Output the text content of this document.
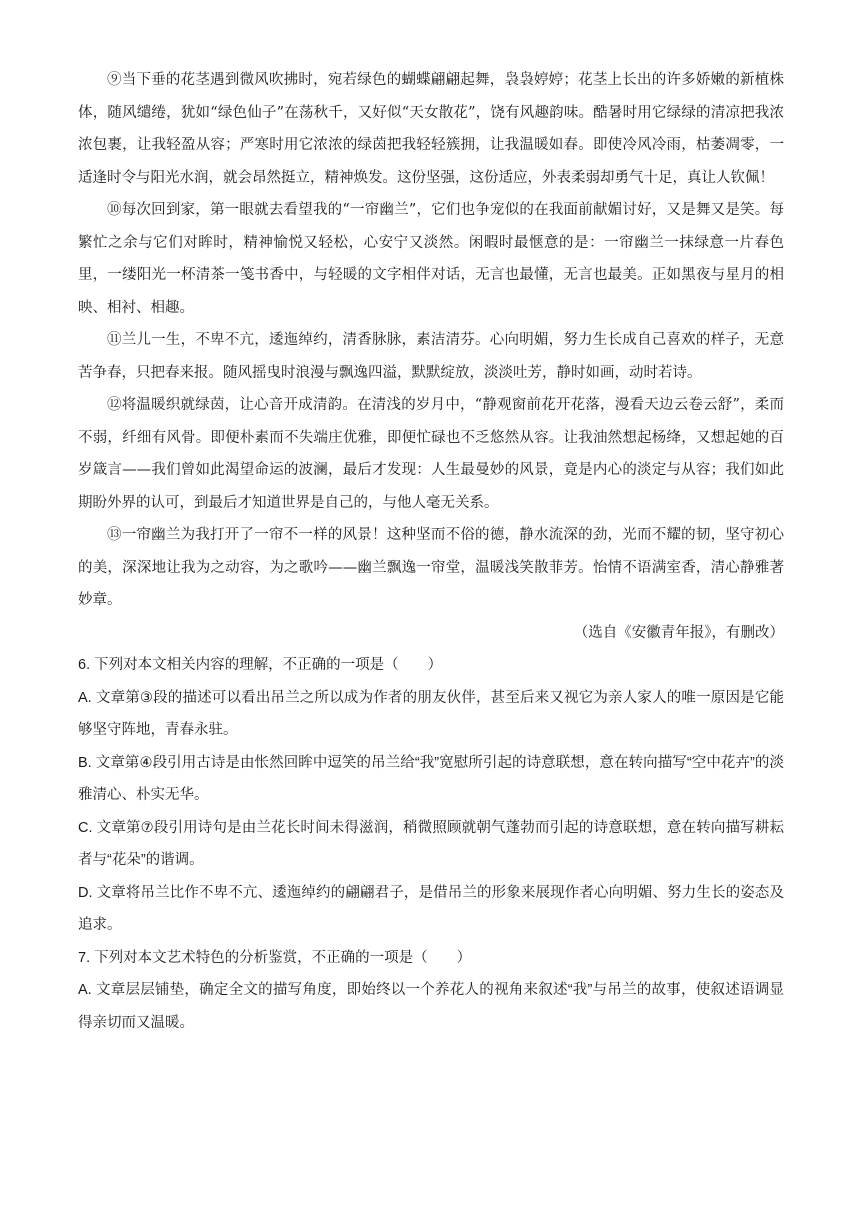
⑨当下垂的花茎遇到微风吹拂时，宛若绿色的蝴蝶翩翩起舞，袅袅婷婷；花茎上长出的许多娇嫩的新植株体，随风缱绻，犹如“绿色仙子”在荡秋千，又好似“天女散花”，饶有风趣韵味。酷暑时用它绿绿的清凉把我浓浓包裹，让我轻盈从容；严寒时用它浓浓的绿茵把我轻轻簇拥，让我温暖如春。即使冷风冷雨，枯萎凋零，一适逢时令与阳光水润，就会昂然挺立，精神焕发。这份坚强，这份适应，外表柔弱却勇气十足，真让人钦佩！

⑩每次回到家，第一眼就去看望我的“一帘幽兰”，它们也争宠似的在我面前献媚讨好，又是舞又是笑。每繁忙之余与它们对眸时，精神愉悦又轻松，心安宁又淡然。闲暇时最惬意的是：一帘幽兰一抹绿意一片春色里，一缕阳光一杯清茶一笺书香中，与轻暖的文字相伴对话，无言也最懂，无言也最美。正如黑夜与星月的相映、相衬、相趣。

⑪兰儿一生，不卑不亢，逶迤绰约，清香脉脉，素洁清芬。心向明媚，努力生长成自己喜欢的样子，无意苦争春，只把春来报。随风摇曳时浪漫与飘逸四溢，默默绽放，淡淡吐芳，静时如画，动时若诗。

⑫将温暖织就绿茵，让心音开成清韵。在清浅的岁月中，“静观窗前花开花落，漫看天边云卷云舒”，柔而不弱，纤细有风骨。即便朴素而不失端庄优雅，即便忙碌也不乏悠然从容。让我油然想起杨绛，又想起她的百岁箴言——我们曾如此渴望命运的波澜，最后才发现：人生最曼妙的风景，竟是内心的淡定与从容；我们如此期盼外界的认可，到最后才知道世界是自己的，与他人毫无关系。

⑬一帘幽兰为我打开了一帘不一样的风景！这种坚而不俗的德，静水流深的劲，光而不耀的韧，坚守初心的美，深深地让我为之动容，为之歌吟——幽兰飘逸一帘堂，温暖浅笑散菲芳。怡情不语满室香，清心静雅著妙章。

（选自《安徽青年报》，有删改）

6. 下列对本文相关内容的理解，不正确的一项是（　　）

A. 文章第③段的描述可以看出吊兰之所以成为作者的朋友伙伴，甚至后来又视它为亲人家人的唯一原因是它能够坚守阵地，青春永驻。

B. 文章第④段引用古诗是由怅然回眸中逗笑的吊兰给“我”宽慰所引起的诗意联想，意在转向描写“空中花卉”的淡雅清心、朴实无华。

C. 文章第⑦段引用诗句是由兰花长时间未得滋润，稍微照顾就朝气蓬勃而引起的诗意联想，意在转向描写耕耘者与“花朵”的谐调。

D. 文章将吊兰比作不卑不亢、逶迤绰约的翩翩君子，是借吊兰的形象来展现作者心向明媚、努力生长的姿态及追求。

7. 下列对本文艺术特色的分析鉴赏，不正确的一项是（　　）

A. 文章层层铺垫，确定全文的描写角度，即始终以一个养花人的视角来叙述“我”与吊兰的故事，使叙述语调显得亲切而又温暖。
